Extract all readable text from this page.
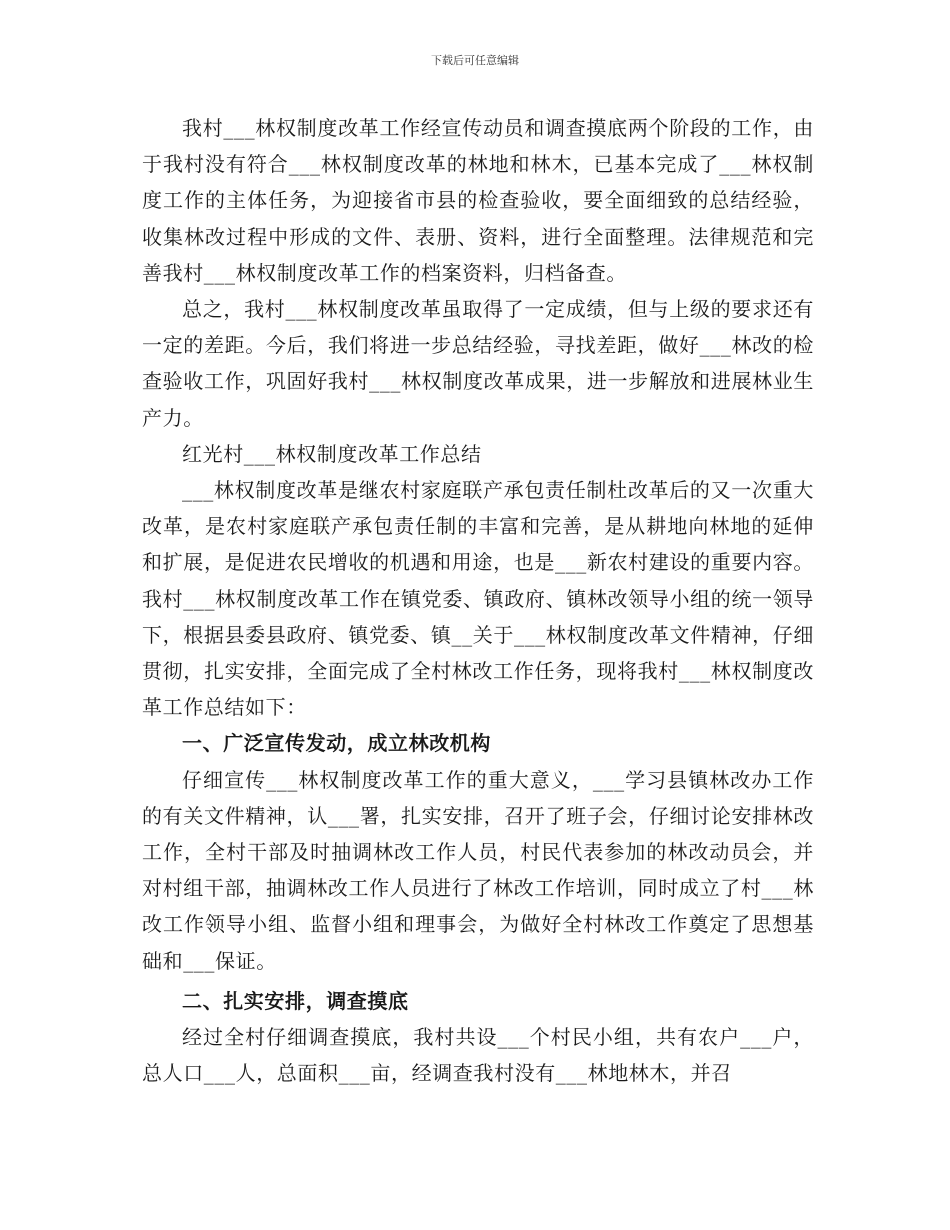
下载后可任意编辑

我村___林权制度改革工作经宣传动员和调查摸底两个阶段的工作，由于我村没有符合___林权制度改革的林地和林木，已基本完成了___林权制度工作的主体任务，为迎接省市县的检查验收，要全面细致的总结经验，收集林改过程中形成的文件、表册、资料，进行全面整理。法律规范和完善我村___林权制度改革工作的档案资料，归档备查。

总之，我村___林权制度改革虽取得了一定成绩，但与上级的要求还有一定的差距。今后，我们将进一步总结经验，寻找差距，做好___林改的检查验收工作，巩固好我村___林权制度改革成果，进一步解放和进展林业生产力。

红光村___林权制度改革工作总结

___林权制度改革是继农村家庭联产承包责任制杜改革后的又一次重大改革，是农村家庭联产承包责任制的丰富和完善，是从耕地向林地的延伸和扩展，是促进农民增收的机遇和用途，也是___新农村建设的重要内容。我村___林权制度改革工作在镇党委、镇政府、镇林改领导小组的统一领导下，根据县委县政府、镇党委、镇__关于___林权制度改革文件精神，仔细贯彻，扎实安排，全面完成了全村林改工作任务，现将我村___林权制度改革工作总结如下：

一、广泛宣传发动，成立林改机构

仔细宣传___林权制度改革工作的重大意义，___学习县镇林改办工作的有关文件精神，认___署，扎实安排，召开了班子会，仔细讨论安排林改工作，全村干部及时抽调林改工作人员，村民代表参加的林改动员会，并对村组干部，抽调林改工作人员进行了林改工作培训，同时成立了村___林改工作领导小组、监督小组和理事会，为做好全村林改工作奠定了思想基础和___保证。

二、扎实安排，调查摸底

经过全村仔细调查摸底，我村共设___个村民小组，共有农户___户，总人口___人，总面积___亩，经调查我村没有___林地林木，并召
